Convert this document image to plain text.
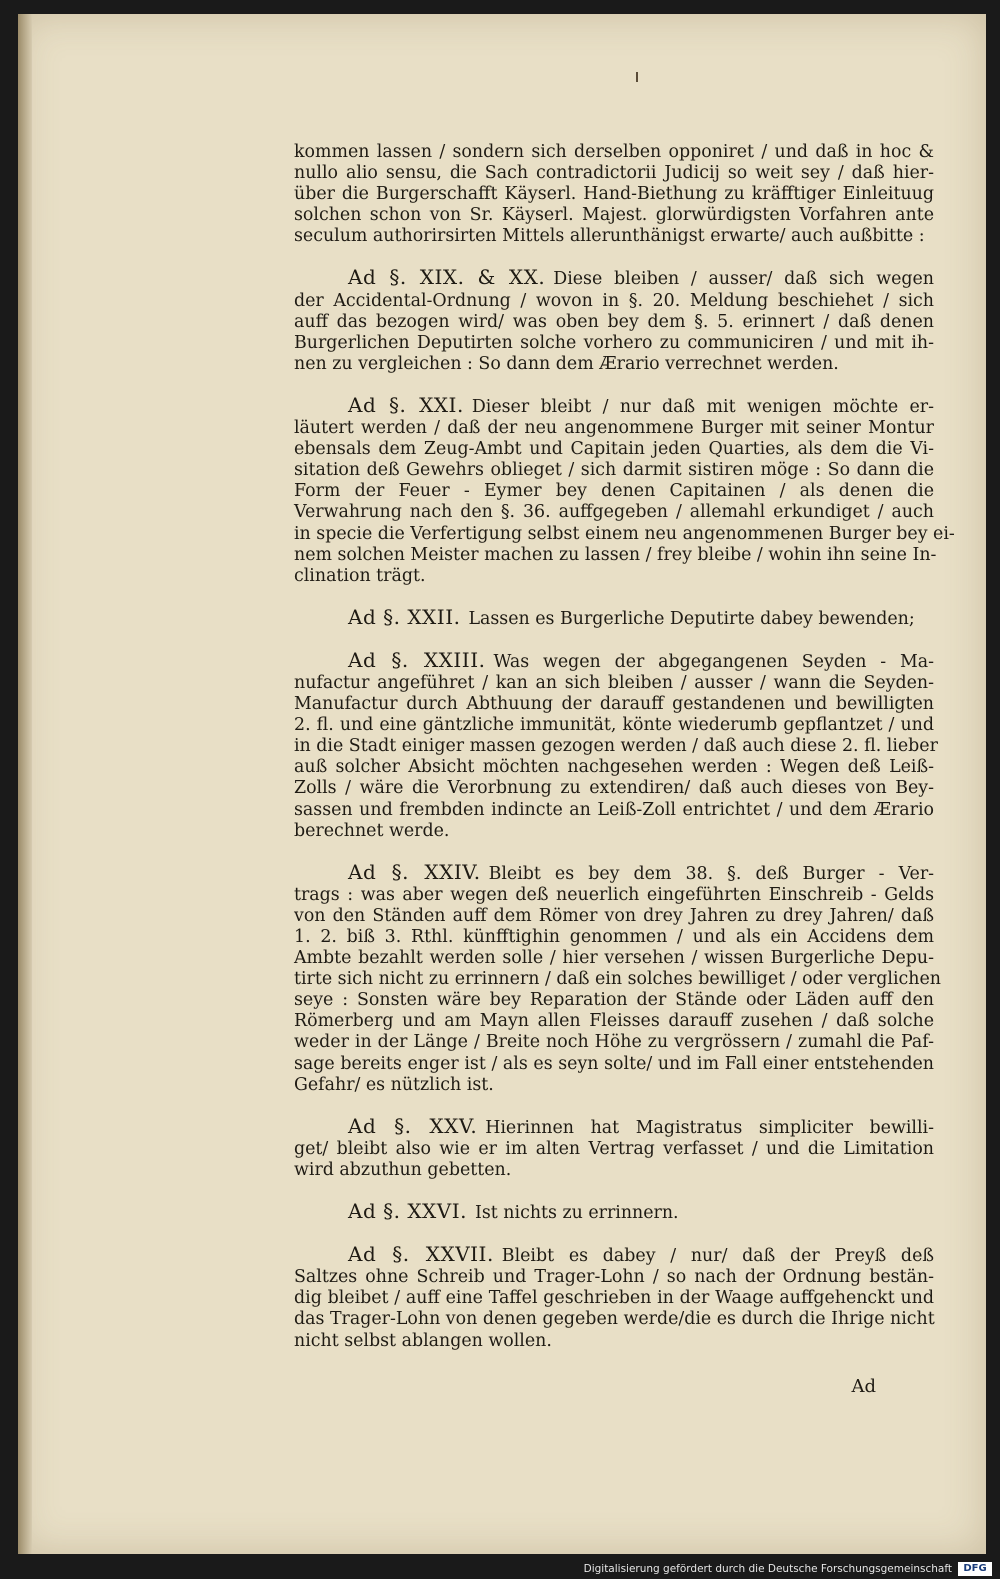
kommen lassen / sondern sich derselben opponiret / und daß in hoc &
nullo alio sensu, die Sach contradictorii Judicij so weit sey / daß hier-
über die Burgerschafft Käyserl. Hand-Biethung zu kräfftiger Einleituug
solchen schon von Sr. Käyserl. Majest. glorwürdigsten Vorfahren ante
seculum authorirsirten Mittels allerunthänigst erwarte/ auch außbitte :
Ad §. XIX. & XX. Diese bleiben / ausser/ daß sich wegen
der Accidental-Ordnung / wovon in §. 20. Meldung beschiehet / sich
auff das bezogen wird/ was oben bey dem §. 5. erinnert / daß denen
Burgerlichen Deputirten solche vorhero zu communiciren / und mit ih-
nen zu vergleichen : So dann dem Ærario verrechnet werden.
Ad §. XXI. Dieser bleibt / nur daß mit wenigen möchte er-
läutert werden / daß der neu angenommene Burger mit seiner Montur
ebensals dem Zeug-Ambt und Capitain jeden Quarties, als dem die Vi-
sitation deß Gewehrs oblieget / sich darmit sistiren möge : So dann die
Form der Feuer - Eymer bey denen Capitainen / als denen die
Verwahrung nach den §. 36. auffgegeben / allemahl erkundiget / auch
in specie die Verfertigung selbst einem neu angenommenen Burger bey ei-
nem solchen Meister machen zu lassen / frey bleibe / wohin ihn seine In-
clination trägt.
Ad §. XXII. Lassen es Burgerliche Deputirte dabey bewenden;
Ad §. XXIII. Was wegen der abgegangenen Seyden - Ma-
nufactur angeführet / kan an sich bleiben / ausser / wann die Seyden-
Manufactur durch Abthuung der darauff gestandenen und bewilligten
2. fl. und eine gäntzliche immunität, könte wiederumb gepflantzet / und
in die Stadt einiger massen gezogen werden / daß auch diese 2. fl. lieber
auß solcher Absicht möchten nachgesehen werden : Wegen deß Leiß-
Zolls / wäre die Verorbnung zu extendiren/ daß auch dieses von Bey-
sassen und frembden indincte an Leiß-Zoll entrichtet / und dem Ærario
berechnet werde.
Ad §. XXIV. Bleibt es bey dem 38. §. deß Burger - Ver-
trags : was aber wegen deß neuerlich eingeführten Einschreib - Gelds
von den Ständen auff dem Römer von drey Jahren zu drey Jahren/ daß
1. 2. biß 3. Rthl. künfftighin genommen / und als ein Accidens dem
Ambte bezahlt werden solle / hier versehen / wissen Burgerliche Depu-
tirte sich nicht zu errinnern / daß ein solches bewilliget / oder verglichen
seye : Sonsten wäre bey Reparation der Stände oder Läden auff den
Römerberg und am Mayn allen Fleisses darauff zusehen / daß solche
weder in der Länge / Breite noch Höhe zu vergrössern / zumahl die Paf-
sage bereits enger ist / als es seyn solte/ und im Fall einer entstehenden
Gefahr/ es nützlich ist.
Ad §. XXV. Hierinnen hat Magistratus simpliciter bewilli-
get/ bleibt also wie er im alten Vertrag verfasset / und die Limitation
wird abzuthun gebetten.
Ad §. XXVI. Ist nichts zu errinnern.
Ad §. XXVII. Bleibt es dabey / nur/ daß der Preyß deß
Saltzes ohne Schreib und Trager-Lohn / so nach der Ordnung bestän-
dig bleibet / auff eine Taffel geschrieben in der Waage auffgehenckt und
das Trager-Lohn von denen gegeben werde/die es durch die Ihrige nicht
nicht selbst ablangen wollen.
Ad
Digitalisierung gefördert durch die Deutsche Forschungsgemeinschaft	DFG
